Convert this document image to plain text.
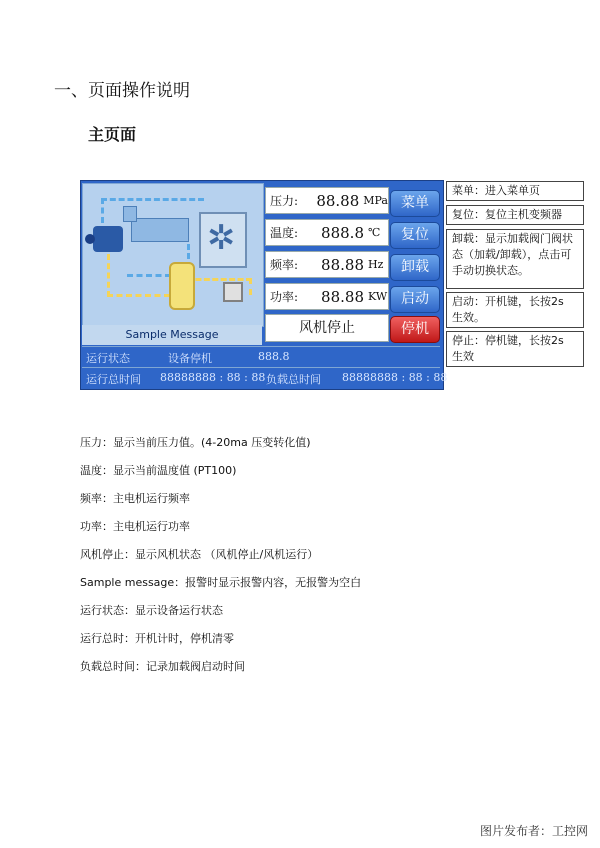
一、页面操作说明
主页面
✲
Sample Message
压力:	88.88 MPa
温度:	888.8 ℃
频率:	88.88 Hz
功率:	88.88 KW
风机停止
菜单
复位
卸载
启动
停机
运行状态	设备停机	888.8
运行总时间 88888888 : 88 : 88 负载总时间 88888888 : 88 : 88
菜单：进入菜单页
复位：复位主机变频器
卸载：显示加载阀门阀状态（加载/卸载），点击可手动切换状态。
启动：开机键，长按2s 生效。
停止：停机键，长按2s 生效
压力：显示当前压力值。(4-20ma 压变转化值)
温度：显示当前温度值 (PT100)
频率：主电机运行频率
功率：主电机运行功率
风机停止：显示风机状态 （风机停止/风机运行）
Sample message：报警时显示报警内容，无报警为空白
运行状态：显示设备运行状态
运行总时：开机计时，停机清零
负载总时间：记录加载阀启动时间
图片发布者：工控网
